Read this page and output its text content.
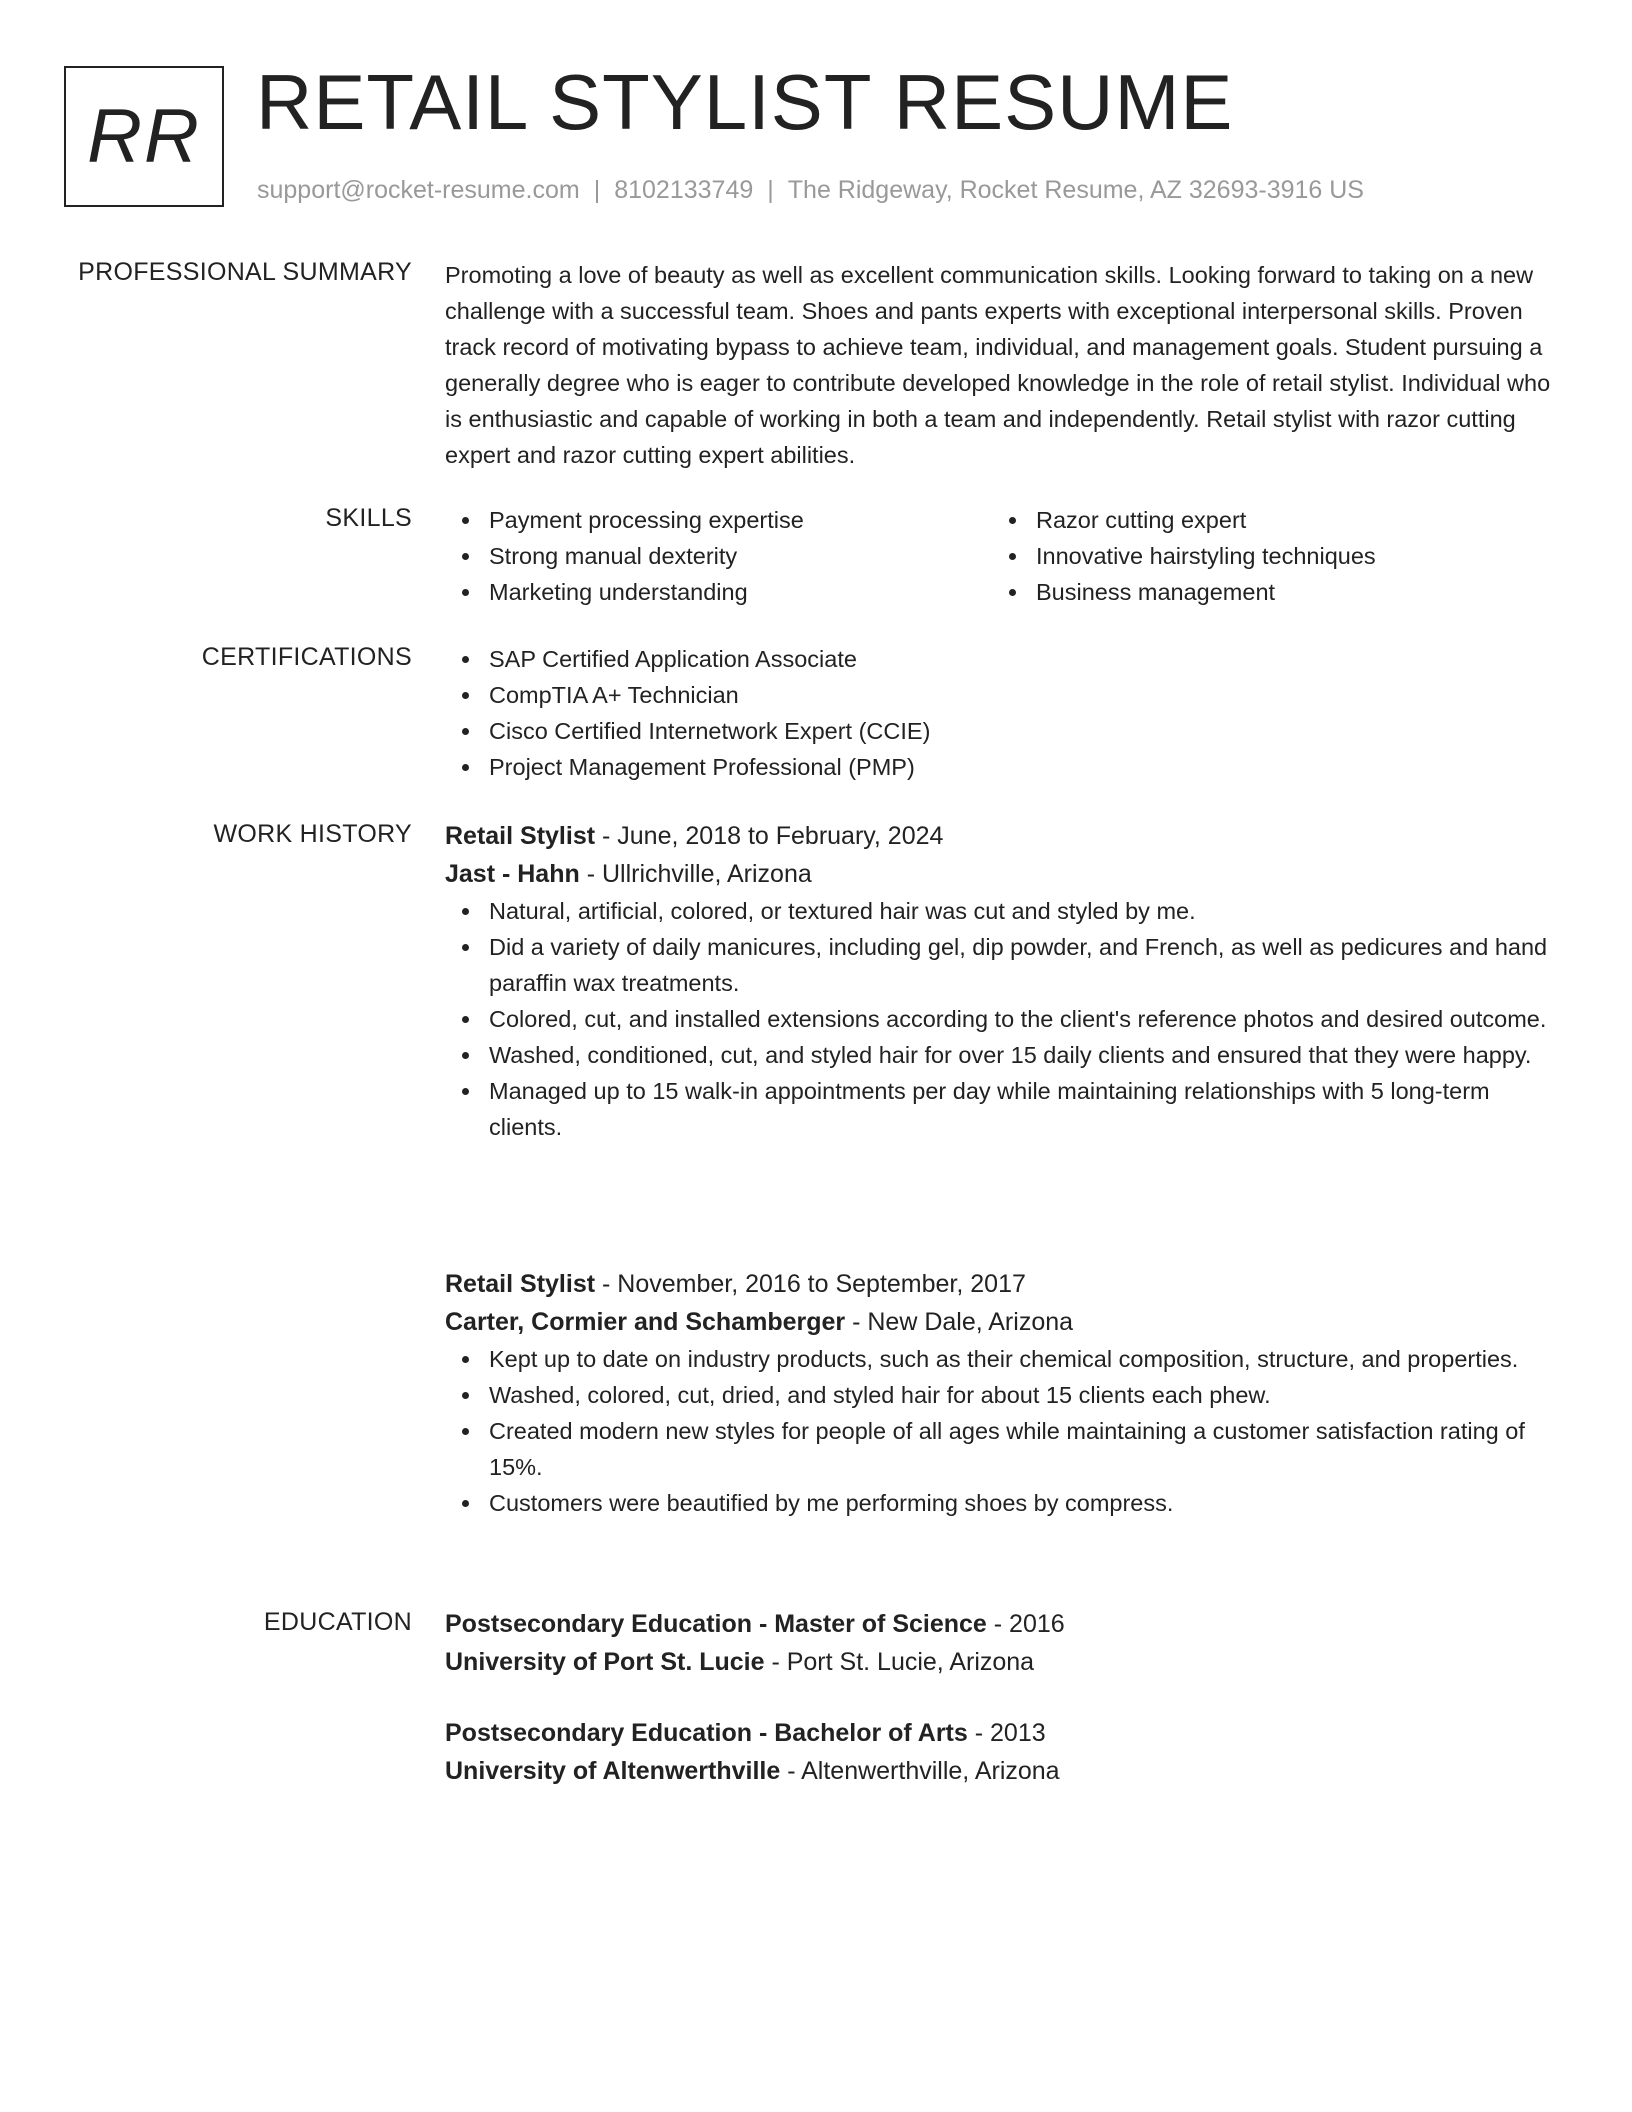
RR RETAIL STYLIST RESUME
support@rocket-resume.com | 8102133749 | The Ridgeway, Rocket Resume, AZ 32693-3916 US
PROFESSIONAL SUMMARY Promoting a love of beauty as well as excellent communication skills. Looking forward to taking on a new challenge with a successful team. Shoes and pants experts with exceptional interpersonal skills. Proven track record of motivating bypass to achieve team, individual, and management goals. Student pursuing a generally degree who is eager to contribute developed knowledge in the role of retail stylist. Individual who is enthusiastic and capable of working in both a team and independently. Retail stylist with razor cutting expert and razor cutting expert abilities.

SKILLS	Payment processing expertise
Strong manual dexterity
Marketing understanding
Razor cutting expert
Innovative hairstyling techniques
Business management
CERTIFICATIONS	SAP Certified Application Associate
CompTIA A+ Technician
Cisco Certified Internetwork Expert (CCIE)
Project Management Professional (PMP)
WORK HISTORY Retail Stylist - June, 2018 to February, 2024
Jast - Hahn - Ullrichville, Arizona
Natural, artificial, colored, or textured hair was cut and styled by me.
Did a variety of daily manicures, including gel, dip powder, and French, as well as pedicures and hand paraffin wax treatments.
Colored, cut, and installed extensions according to the client's reference photos and desired outcome.
Washed, conditioned, cut, and styled hair for over 15 daily clients and ensured that they were happy.
Managed up to 15 walk-in appointments per day while maintaining relationships with 5 long-term clients.
Retail Stylist - November, 2016 to September, 2017
Carter, Cormier and Schamberger - New Dale, Arizona
Kept up to date on industry products, such as their chemical composition, structure, and properties.
Washed, colored, cut, dried, and styled hair for about 15 clients each phew.
Created modern new styles for people of all ages while maintaining a customer satisfaction rating of 15%.
Customers were beautified by me performing shoes by compress.
EDUCATION Postsecondary Education - Master of Science - 2016
University of Port St. Lucie - Port St. Lucie, Arizona
Postsecondary Education - Bachelor of Arts - 2013
University of Altenwerthville - Altenwerthville, Arizona
